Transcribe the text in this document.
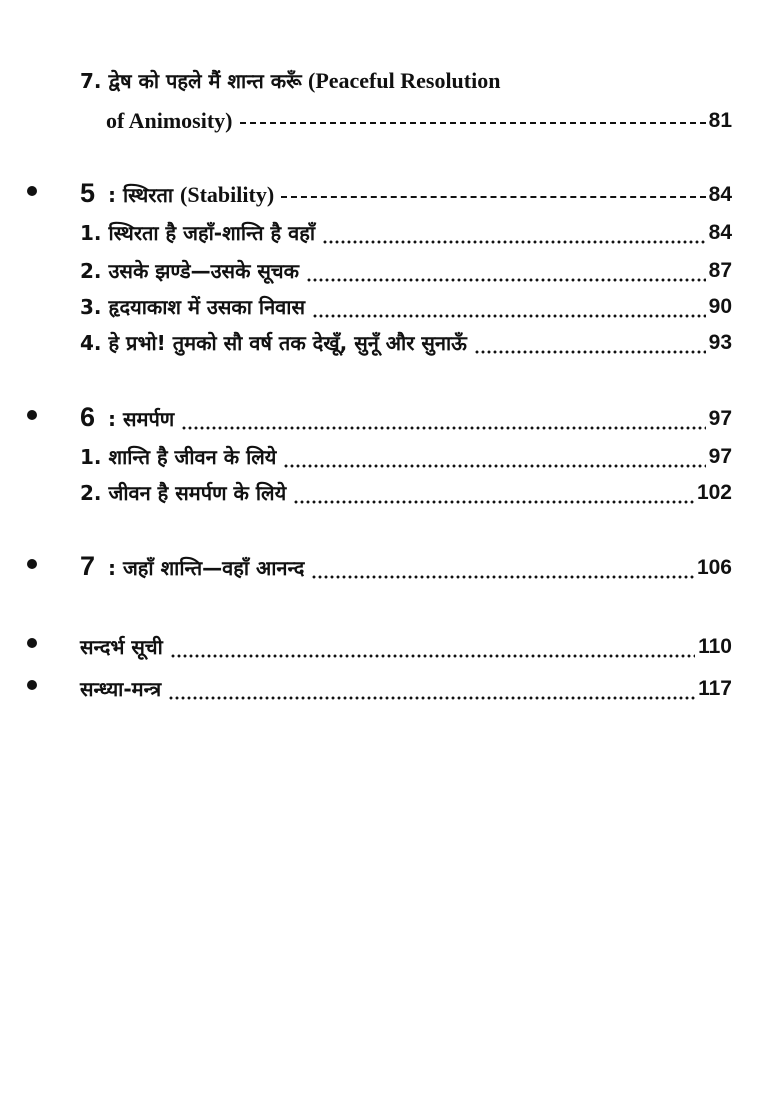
7. द्वेष को पहले मैं शान्त करूँ (Peaceful Resolution
of Animosity)	81
5 : स्थिरता (Stability)	84
1. स्थिरता है जहाँ-शान्ति है वहाँ	84
2. उसके झण्डे—उसके सूचक	87
3. हृदयाकाश में उसका निवास	90
4. हे प्रभो! तुमको सौ वर्ष तक देखूँ, सुनूँ और सुनाऊँ	93
6 : समर्पण	97
1. शान्ति है जीवन के लिये	97
2. जीवन है समर्पण के लिये	102
7 : जहाँ शान्ति—वहाँ आनन्द	106
सन्दर्भ सूची	110
सन्ध्या-मन्त्र	117
